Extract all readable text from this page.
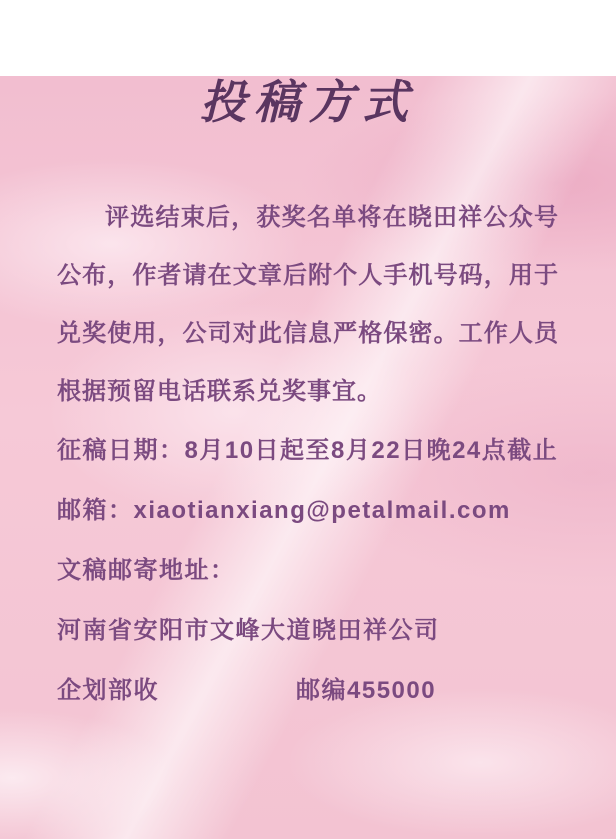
投稿方式

评选结束后，获奖名单将在晓田祥公众号公布，作者请在文章后附个人手机号码，用于兑奖使用，公司对此信息严格保密。工作人员根据预留电话联系兑奖事宜。

征稿日期：8月10日起至8月22日晚24点截止

邮箱：xiaotianxiang@petalmail.com

文稿邮寄地址：

河南省安阳市文峰大道晓田祥公司

企划部收	邮编455000
